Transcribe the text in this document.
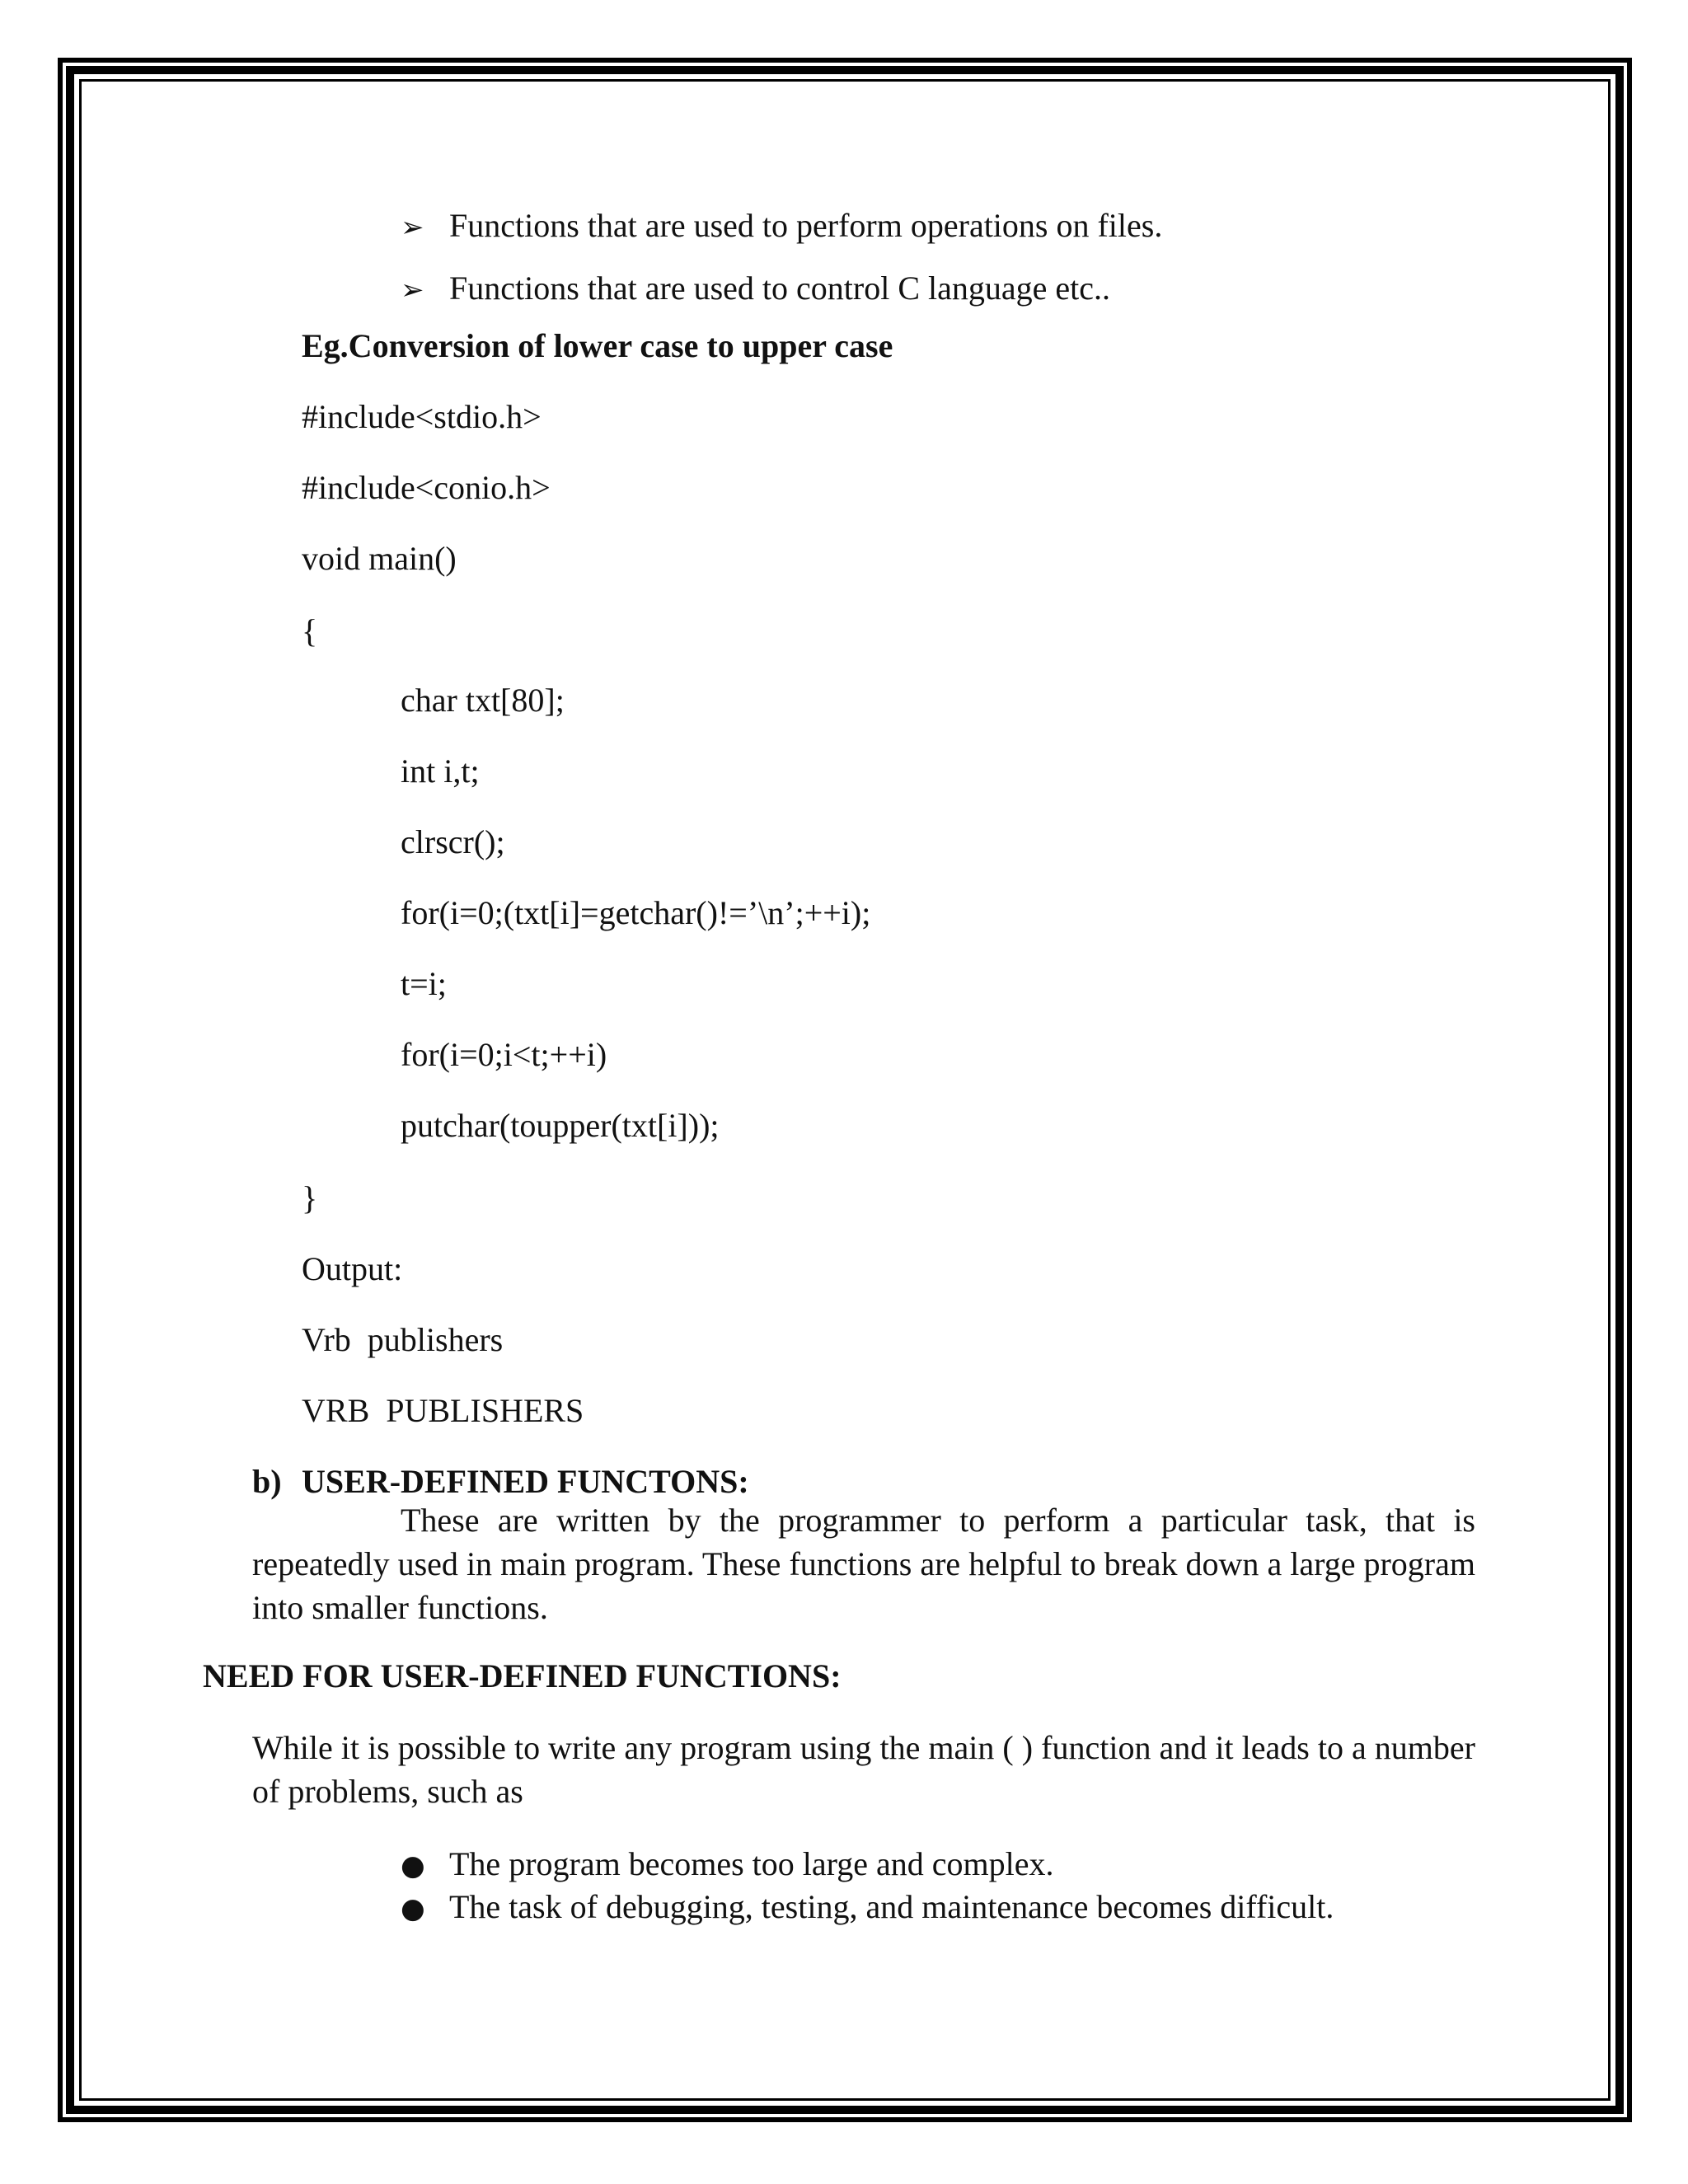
➢ Functions that are used to perform operations on files.

➢ Functions that are used to control C language etc..

Eg.Conversion of lower case to upper case

#include<stdio.h>

#include<conio.h>

void main()

{

char txt[80];

int i,t;

clrscr();

for(i=0;(txt[i]=getchar()!=’\n’;++i);

t=i;

for(i=0;i<t;++i)

putchar(toupper(txt[i]));

}

Output:

Vrb  publishers

VRB  PUBLISHERS

b) USER-DEFINED FUNCTONS:

These are written by the programmer to perform a particular task, that is repeatedly used in main program. These functions are helpful to break down a large program into smaller functions.

NEED FOR USER-DEFINED FUNCTIONS:

While it is possible to write any program using the main ( ) function and it leads to a number of problems, such as

● The program becomes too large and complex.

● The task of debugging, testing, and maintenance becomes difficult.
